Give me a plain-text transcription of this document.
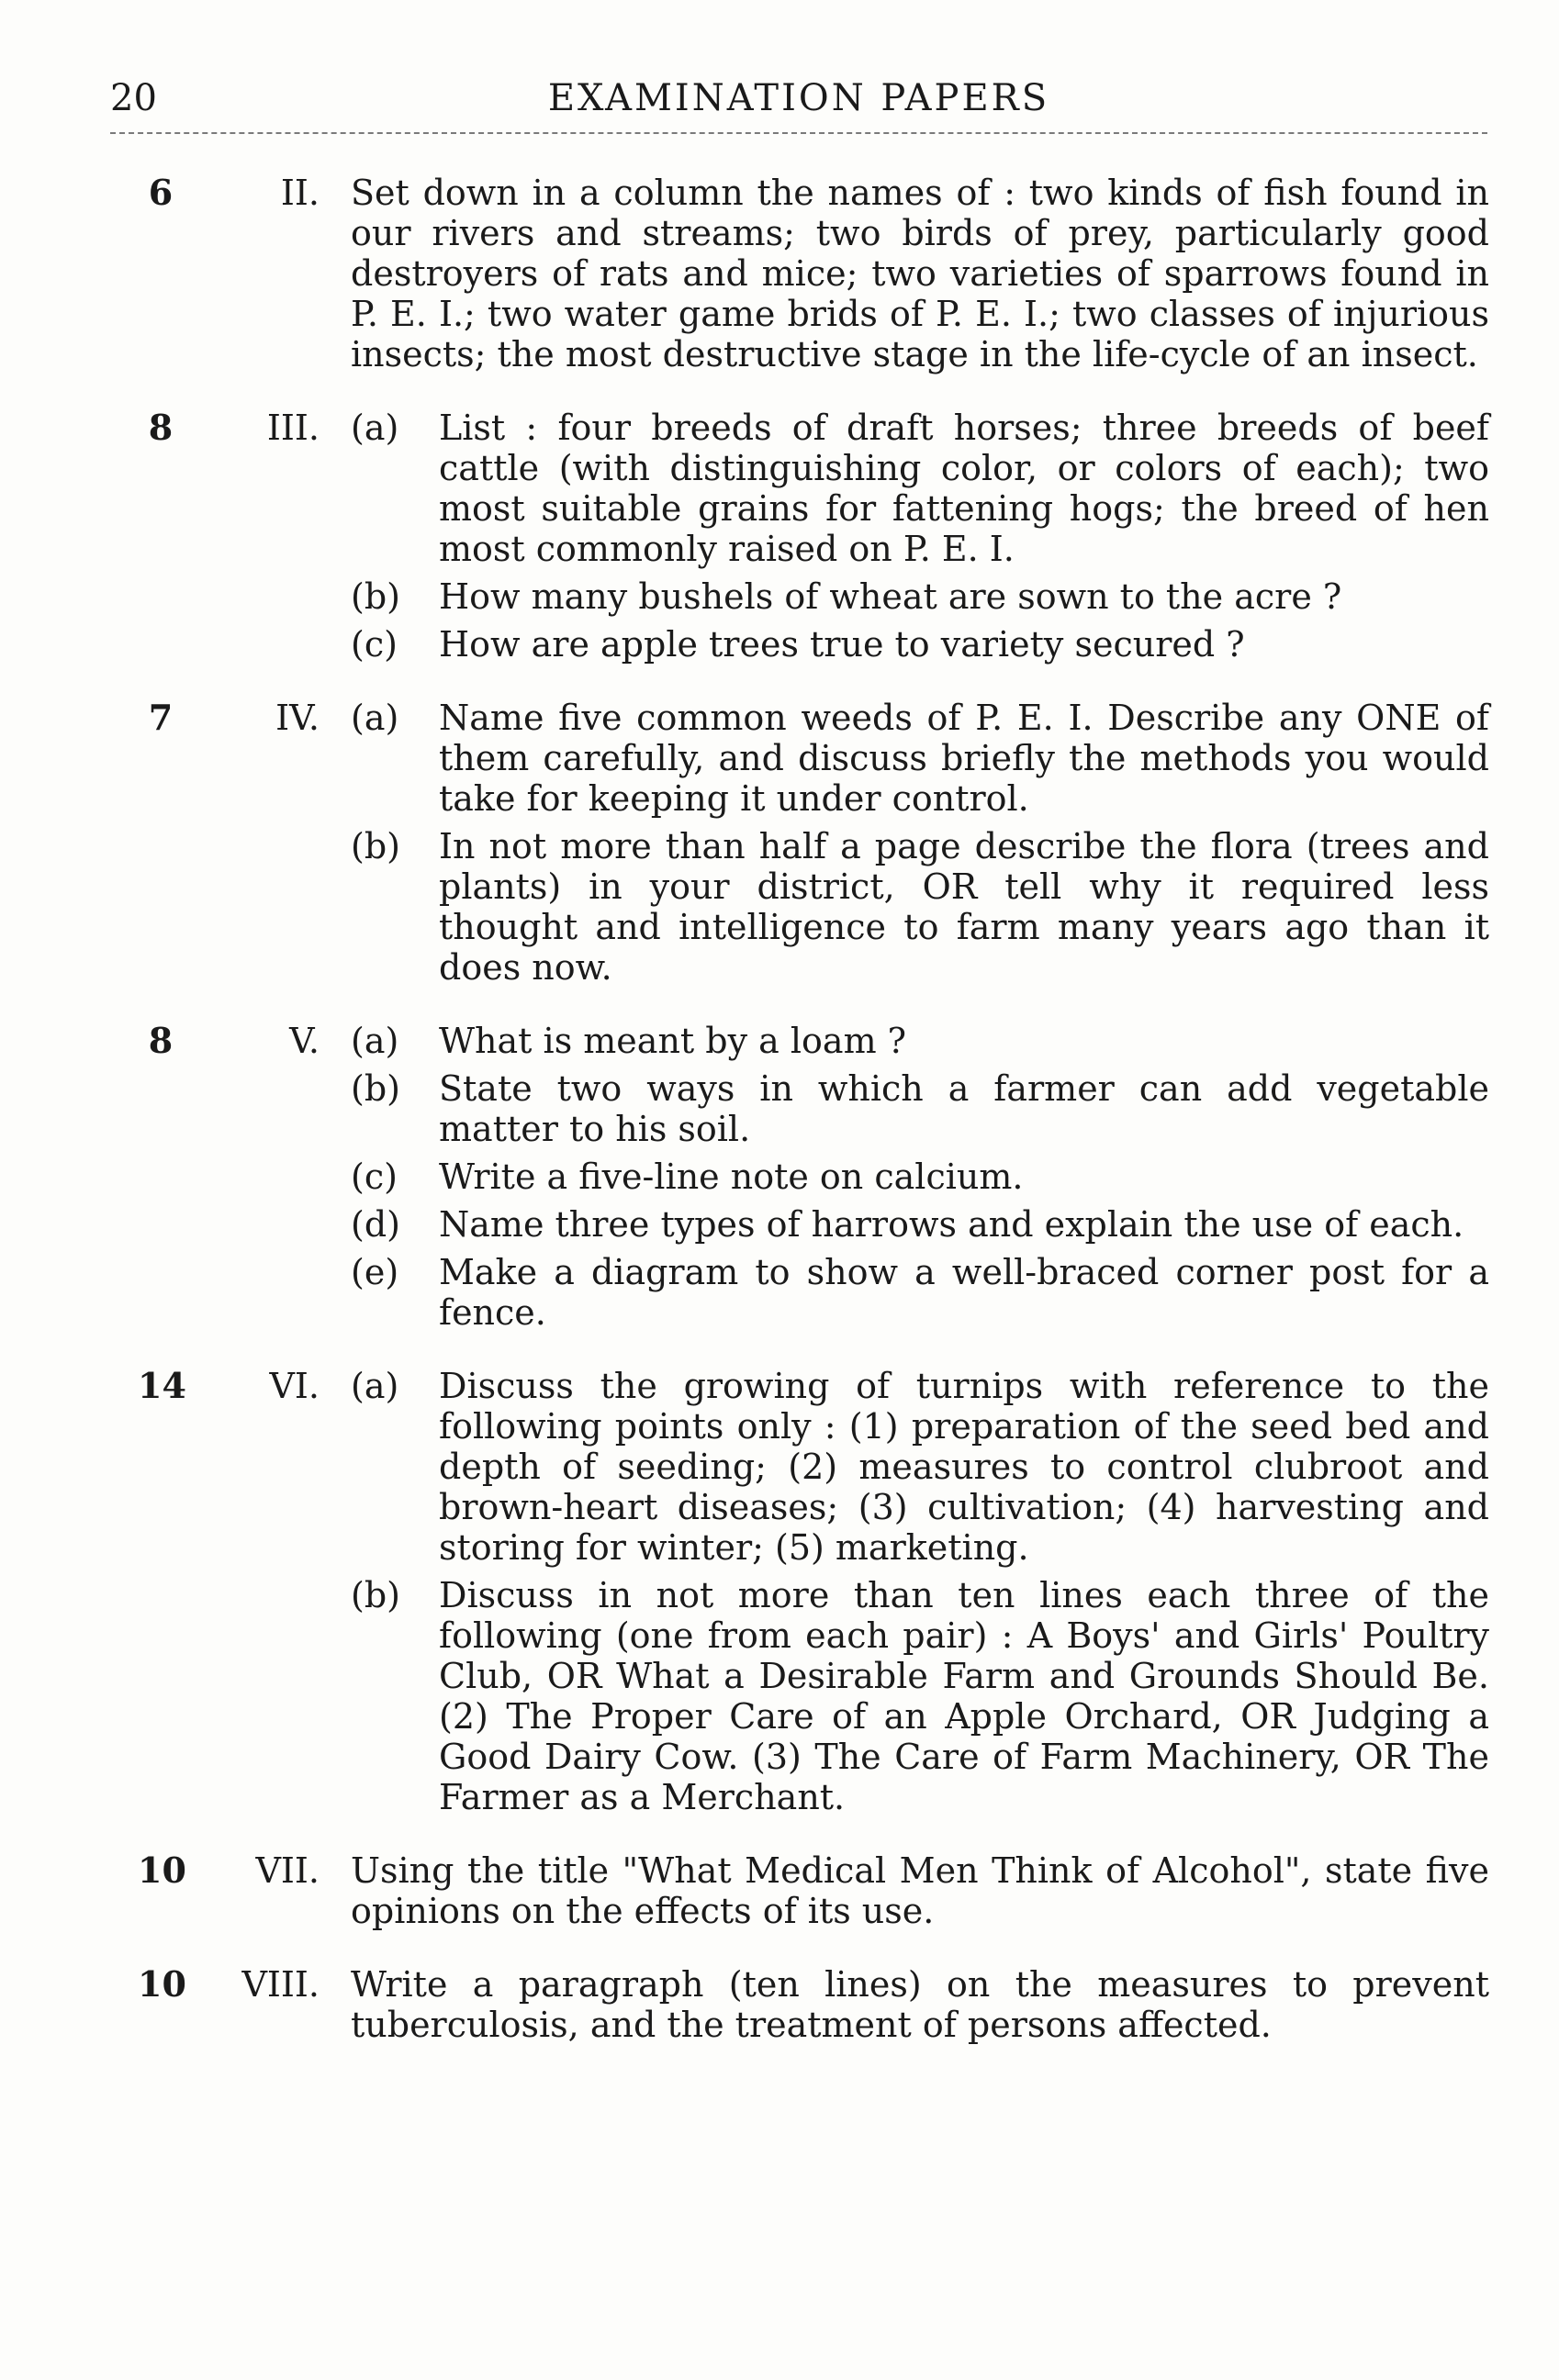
20	EXAMINATION PAPERS
6	II. Set down in a column the names of : two kinds of fish found in our rivers and streams; two birds of prey, particularly good destroyers of rats and mice; two varieties of sparrows found in P. E. I.; two water game brids of P. E. I.; two classes of injurious insects; the most destructive stage in the life-cycle of an insect.
8	III. (a)	List : four breeds of draft horses; three breeds of beef cattle (with distinguishing color, or colors of each); two most suitable grains for fattening hogs; the breed of hen most commonly raised on P. E. I.
(b)	How many bushels of wheat are sown to the acre ?
(c)	How are apple trees true to variety secured ?
7	IV. (a)	Name five common weeds of P. E. I. Describe any ONE of them carefully, and discuss briefly the methods you would take for keeping it under control.
(b)	In not more than half a page describe the flora (trees and plants) in your district, OR tell why it required less thought and intelligence to farm many years ago than it does now.
8	V. (a)	What is meant by a loam ?
(b)	State two ways in which a farmer can add vegetable matter to his soil.
(c)	Write a five-line note on calcium.
(d)	Name three types of harrows and explain the use of each.
(e)	Make a diagram to show a well-braced corner post for a fence.
14	VI. (a)	Discuss the growing of turnips with reference to the following points only : (1) preparation of the seed bed and depth of seeding; (2) measures to control clubroot and brown-heart diseases; (3) cultivation; (4) harvesting and storing for winter; (5) marketing.
(b)	Discuss in not more than ten lines each three of the following (one from each pair) : A Boys' and Girls' Poultry Club, OR What a Desirable Farm and Grounds Should Be. (2) The Proper Care of an Apple Orchard, OR Judging a Good Dairy Cow. (3) The Care of Farm Machinery, OR The Farmer as a Merchant.
10	VII. Using the title "What Medical Men Think of Alcohol", state five opinions on the effects of its use.
10	VIII. Write a paragraph (ten lines) on the measures to prevent tuberculosis, and the treatment of persons affected.
